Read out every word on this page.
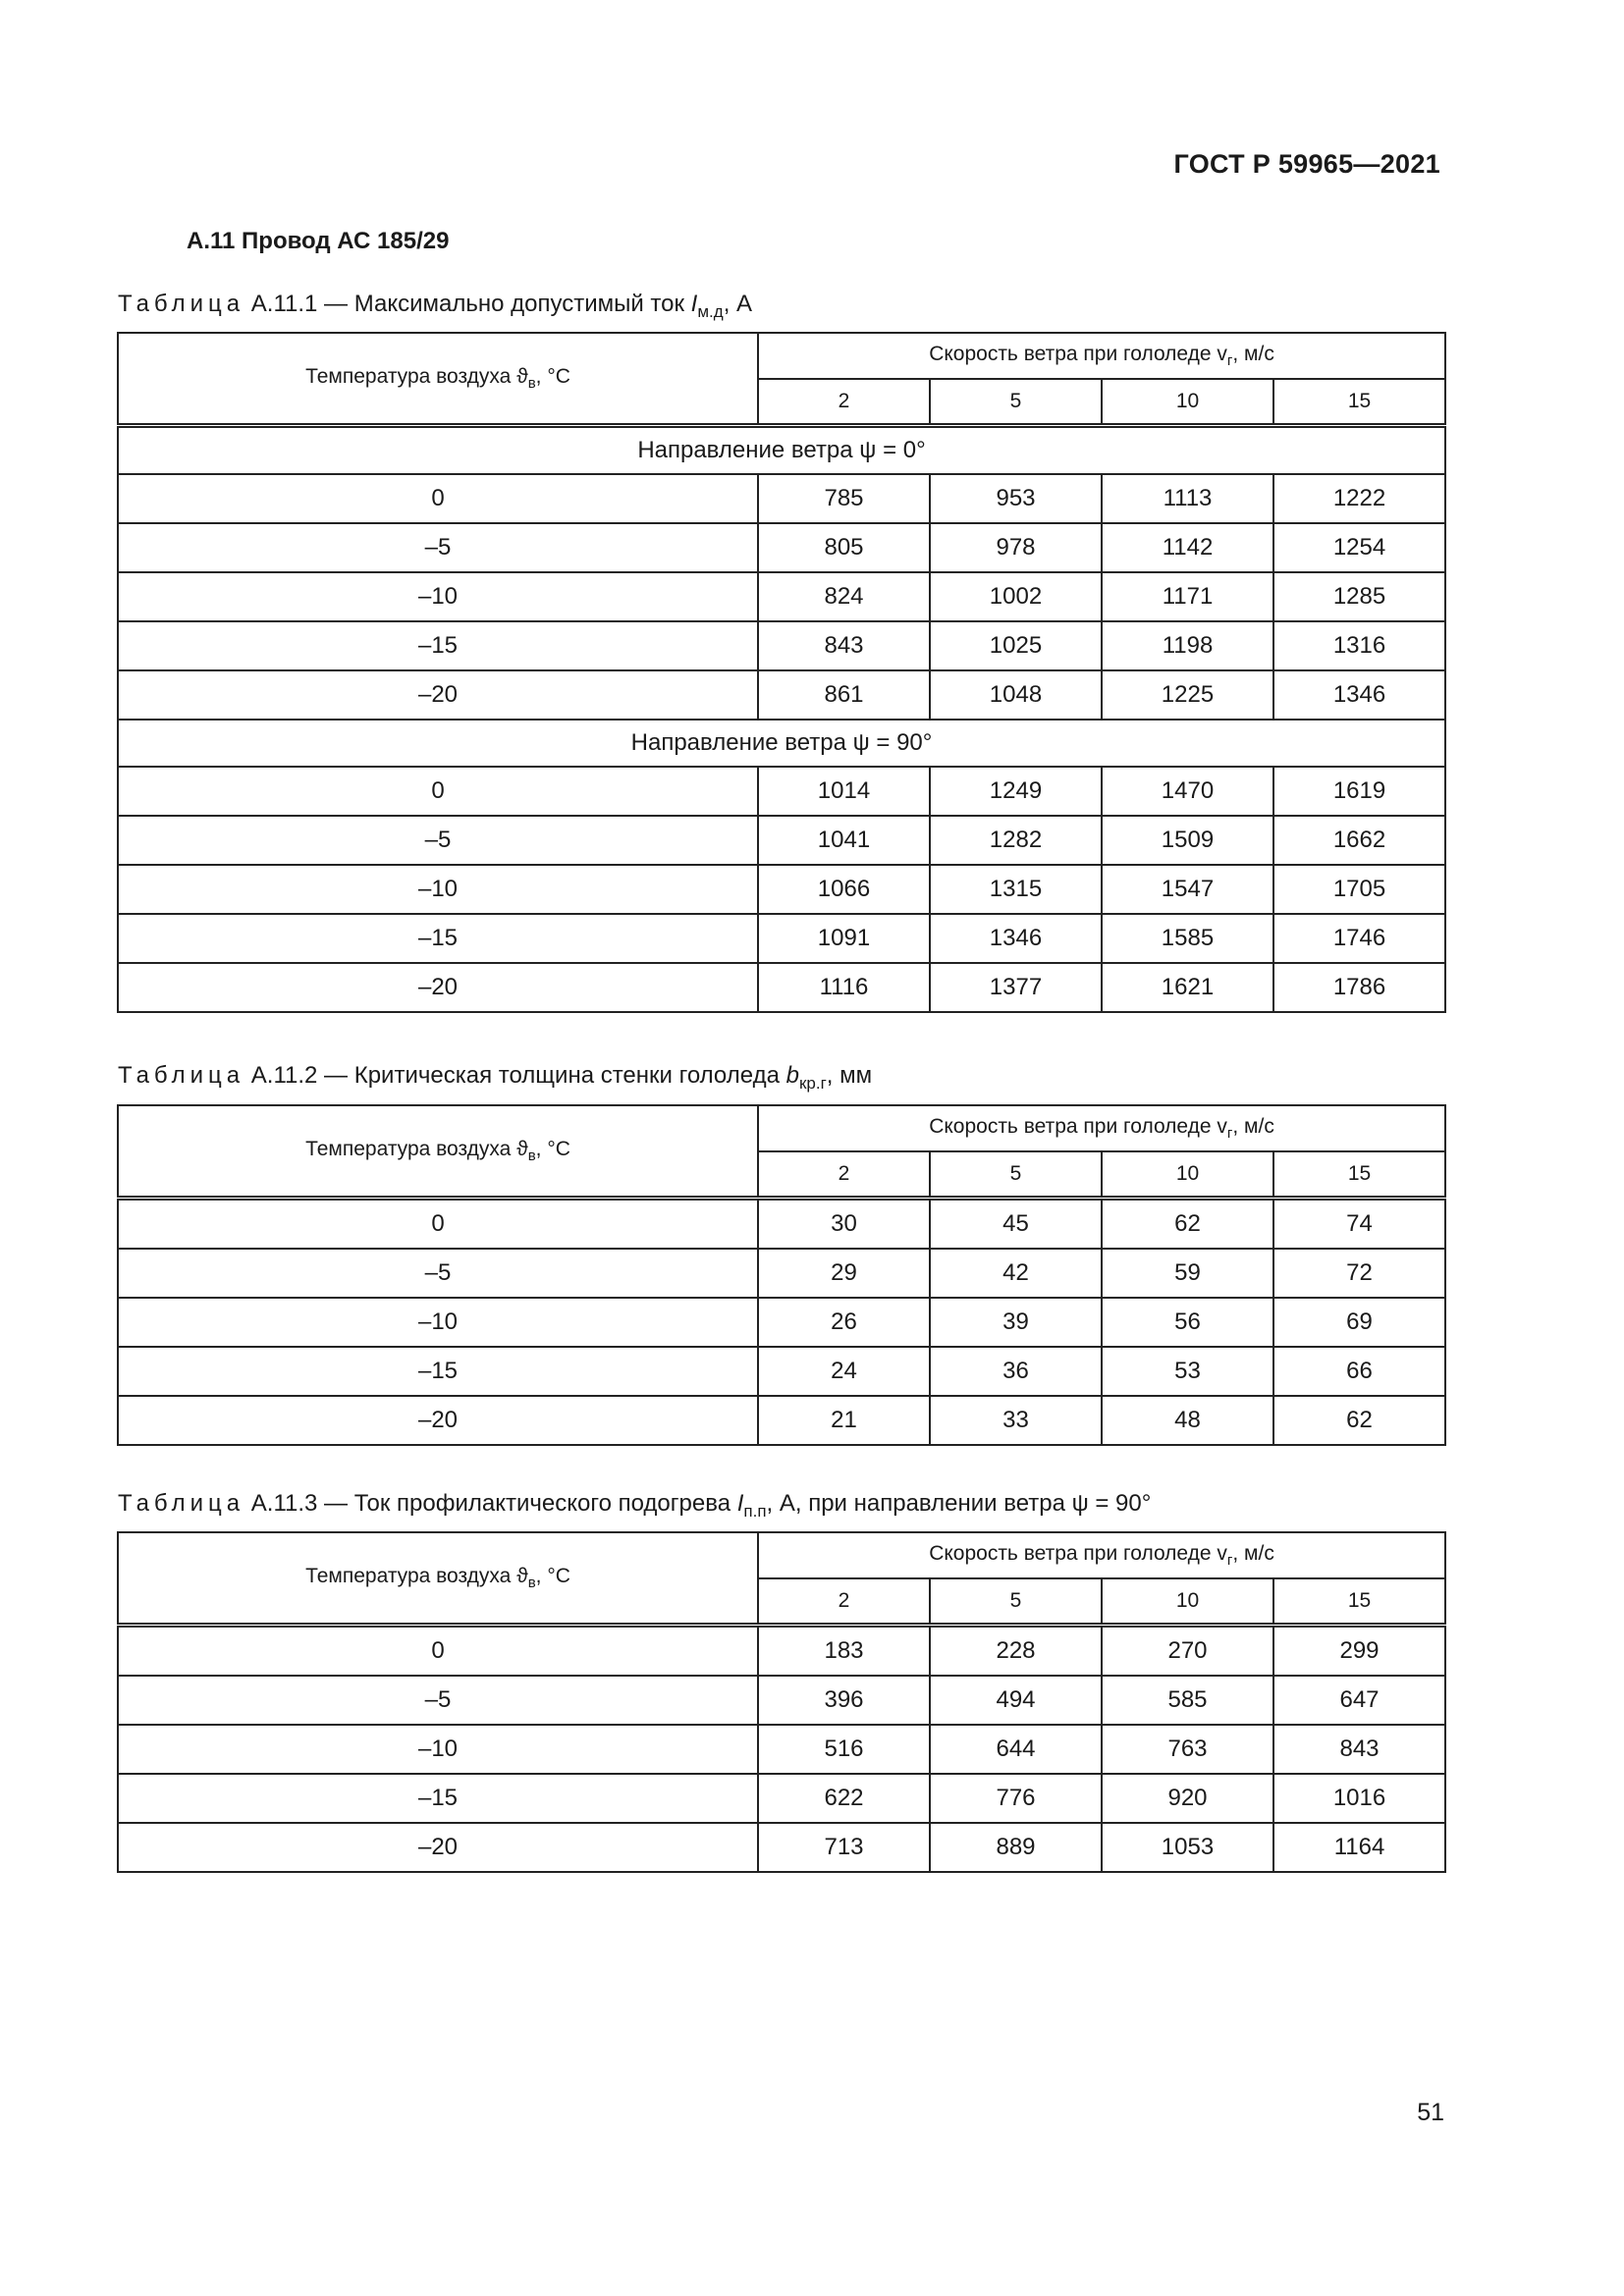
ГОСТ Р 59965—2021
А.11 Провод АС 185/29
Таблица А.11.1 — Максимально допустимый ток $I_{м.д}$, А
Температура воздуха $ϑ_в$, °С	Скорость ветра при гололеде $v_г$, м/с			
	2	5	10	15
Направление ветра ψ = 0°				
0	785	953	1113	1222
–5	805	978	1142	1254
–10	824	1002	1171	1285
–15	843	1025	1198	1316
–20	861	1048	1225	1346
Направление ветра ψ = 90°				
0	1014	1249	1470	1619
–5	1041	1282	1509	1662
–10	1066	1315	1547	1705
–15	1091	1346	1585	1746
–20	1116	1377	1621	1786
Таблица А.11.2 — Критическая толщина стенки гололеда $b_{кр.г}$, мм
Температура воздуха $ϑ_в$, °С	Скорость ветра при гололеде $v_г$, м/с			
	2	5	10	15
0	30	45	62	74
–5	29	42	59	72
–10	26	39	56	69
–15	24	36	53	66
–20	21	33	48	62
Таблица А.11.3 — Ток профилактического подогрева $I_{п.п}$, А, при направлении ветра ψ = 90°
Температура воздуха $ϑ_в$, °С	Скорость ветра при гололеде $v_г$, м/с			
	2	5	10	15
0	183	228	270	299
–5	396	494	585	647
–10	516	644	763	843
–15	622	776	920	1016
–20	713	889	1053	1164
51
